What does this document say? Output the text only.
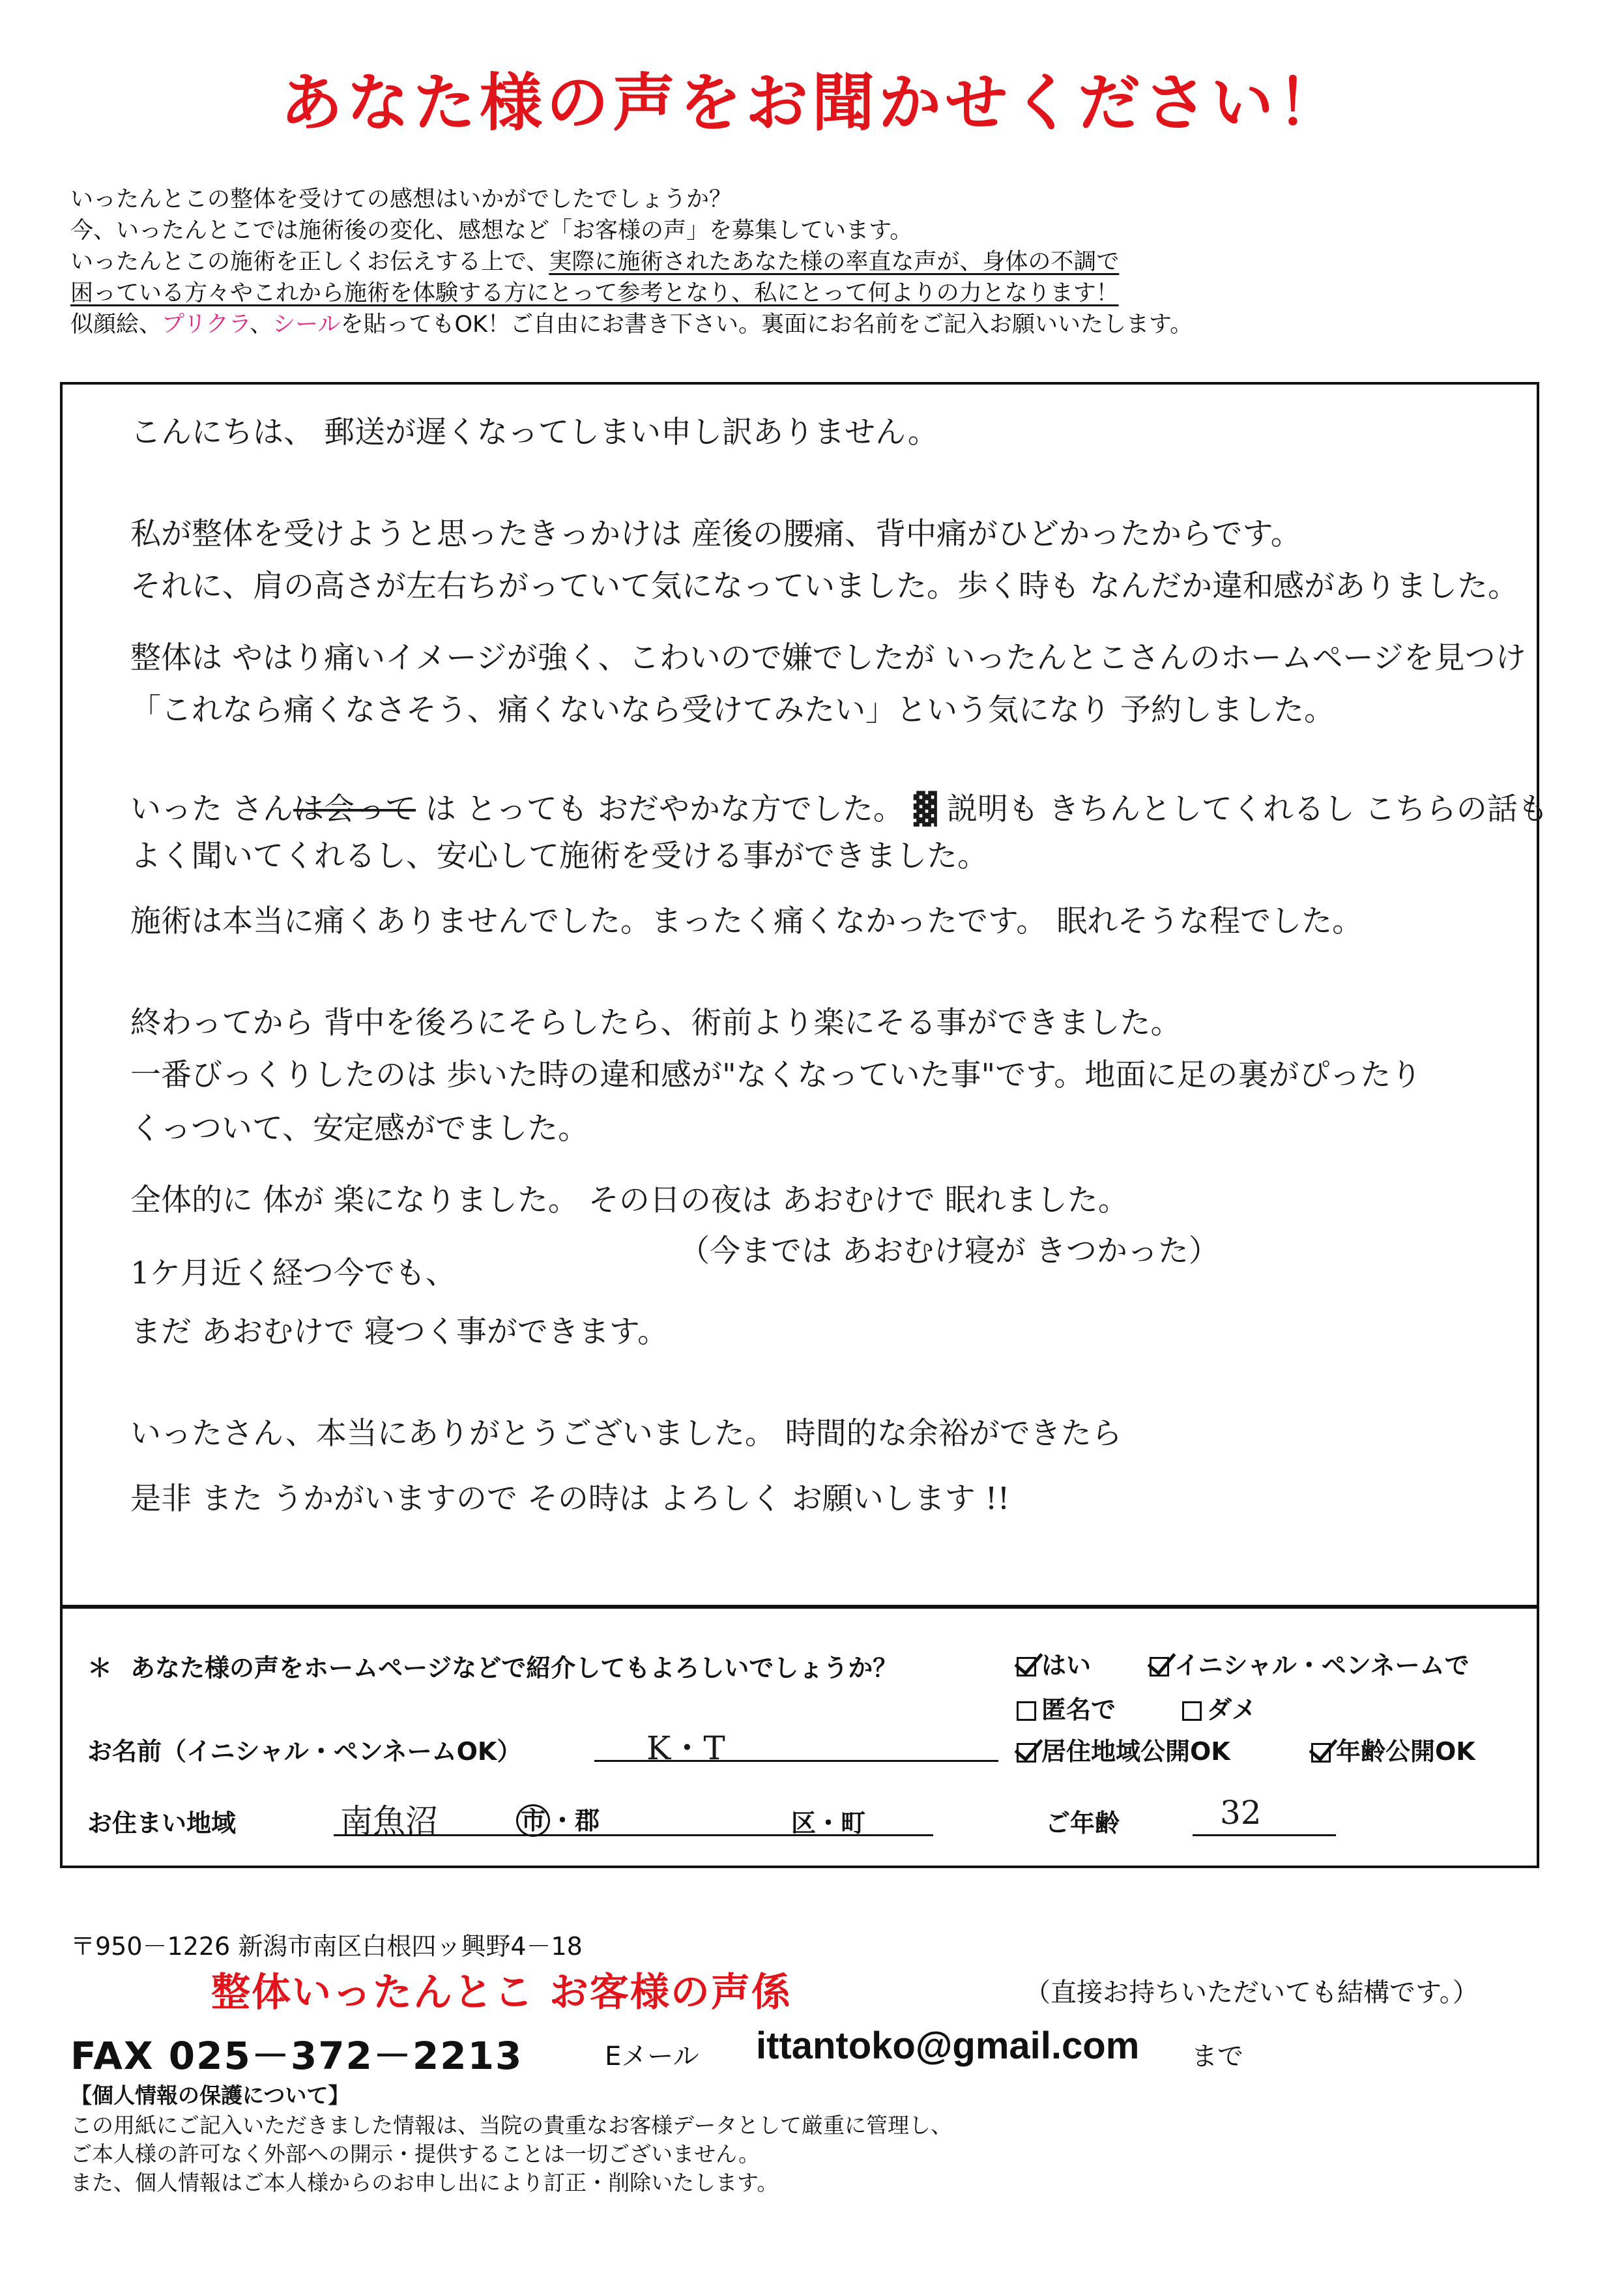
あなた様の声をお聞かせください！
いったんとこの整体を受けての感想はいかがでしたでしょうか？
今、いったんとこでは施術後の変化、感想など「お客様の声」を募集しています。
いったんとこの施術を正しくお伝えする上で、実際に施術されたあなた様の率直な声が、身体の不調で
困っている方々やこれから施術を体験する方にとって参考となり、私にとって何よりの力となります！
似顔絵、プリクラ、シールを貼ってもOK！ご自由にお書き下さい。裏面にお名前をご記入お願いいたします。
こんにちは、 郵送が遅くなってしまい申し訳ありません。
私が整体を受けようと思ったきっかけは 産後の腰痛、背中痛がひどかったからです。
それに、肩の高さが左右ちがっていて気になっていました。歩く時も なんだか違和感がありました。
整体は やはり痛いイメージが強く、こわいので嫌でしたが いったんとこさんのホームページを見つけ
「これなら痛くなさそう、痛くないなら受けてみたい」という気になり 予約しました。
いった さんは会って は とっても おだやかな方でした。 ▓ 説明も きちんとしてくれるし こちらの話も
よく聞いてくれるし、安心して施術を受ける事ができました。
施術は本当に痛くありませんでした。まったく痛くなかったです。 眠れそうな程でした。
終わってから 背中を後ろにそらしたら、術前より楽にそる事ができました。
一番びっくりしたのは 歩いた時の違和感が"なくなっていた事"です。地面に足の裏がぴったり
くっついて、安定感がでました。
全体的に 体が 楽になりました。 その日の夜は あおむけで 眠れました。
（今までは あおむけ寝が きつかった）
1ケ月近く経つ今でも、
まだ あおむけで 寝つく事ができます。
いったさん、本当にありがとうございました。 時間的な余裕ができたら
是非 また うかがいますので その時は よろしく お願いします !!
＊ あなた様の声をホームページなどで紹介してもよろしいでしょうか？	はい	イニシャル・ペンネームで
匿名で	ダメ
居住地域公開OK	年齢公開OK
お名前（イニシャル・ペンネームOK）	K・T
お住まい地域	南魚沼	市 ・郡	区・町	ご年齢	32
〒950－1226 新潟市南区白根四ッ興野4－18
整体いったんとこ お客様の声係	（直接お持ちいただいても結構です。）
FAX 025－372－2213	Eメール ittantoko@gmail.com まで
【個人情報の保護について】
この用紙にご記入いただきました情報は、当院の貴重なお客様データとして厳重に管理し、
ご本人様の許可なく外部への開示・提供することは一切ございません。
また、個人情報はご本人様からのお申し出により訂正・削除いたします。
